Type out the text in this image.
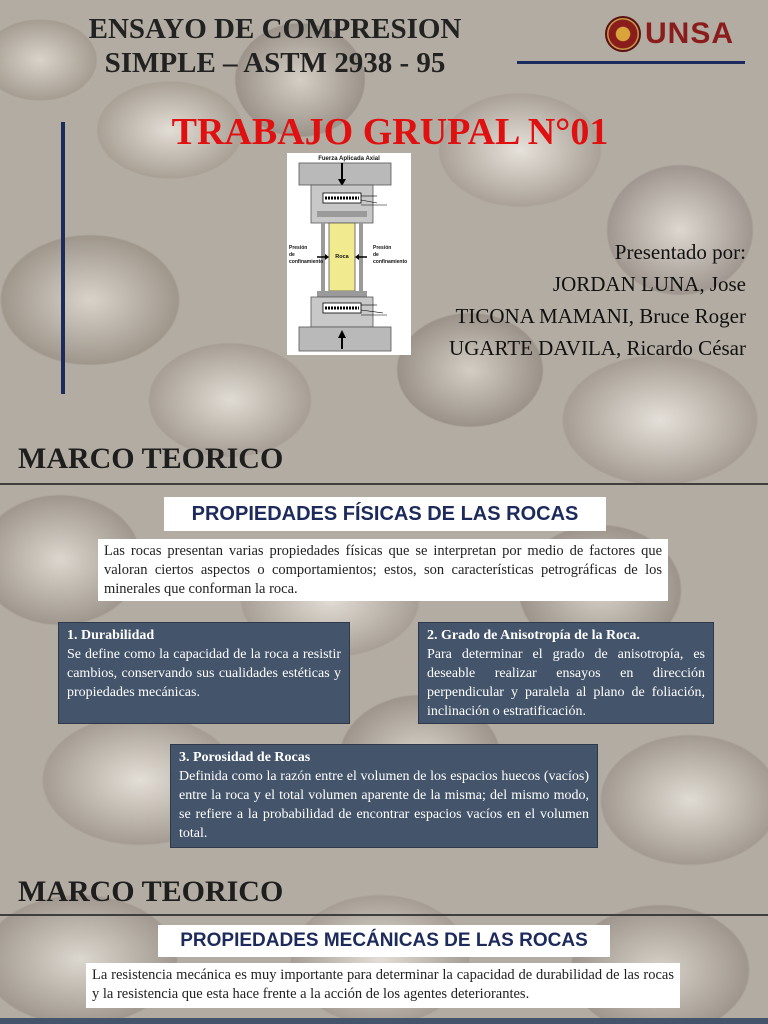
ENSAYO DE COMPRESION
SIMPLE – ASTM 2938 - 95
UNSA
TRABAJO GRUPAL N°01
Fuerza Aplicada Axial
Roca
Presión
de
confinamiento
Presión
de
confinamiento	Presentado por:
JORDAN LUNA, Jose
TICONA MAMANI, Bruce Roger
UGARTE DAVILA, Ricardo César
MARCO TEORICO
PROPIEDADES FÍSICAS DE LAS ROCAS
Las rocas presentan varias propiedades físicas que se interpretan por medio de factores que valoran ciertos aspectos o comportamientos; estos, son características petrográficas de los minerales que conforman la roca.
1. Durabilidad
Se define como la capacidad de la roca a resistir cambios, conservando sus cualidades estéticas y propiedades mecánicas.
2. Grado de Anisotropía de la Roca.
Para determinar el grado de anisotropía, es deseable realizar ensayos en dirección perpendicular y paralela al plano de foliación, inclinación o estratificación.
3. Porosidad de Rocas
Definida como la razón entre el volumen de los espacios huecos (vacíos) entre la roca y el total volumen aparente de la misma; del mismo modo, se refiere a la probabilidad de encontrar espacios vacíos en el volumen total.
MARCO TEORICO
PROPIEDADES MECÁNICAS DE LAS ROCAS
La resistencia mecánica es muy importante para determinar la capacidad de durabilidad de las rocas y la resistencia que esta hace frente a la acción de los agentes deteriorantes.
